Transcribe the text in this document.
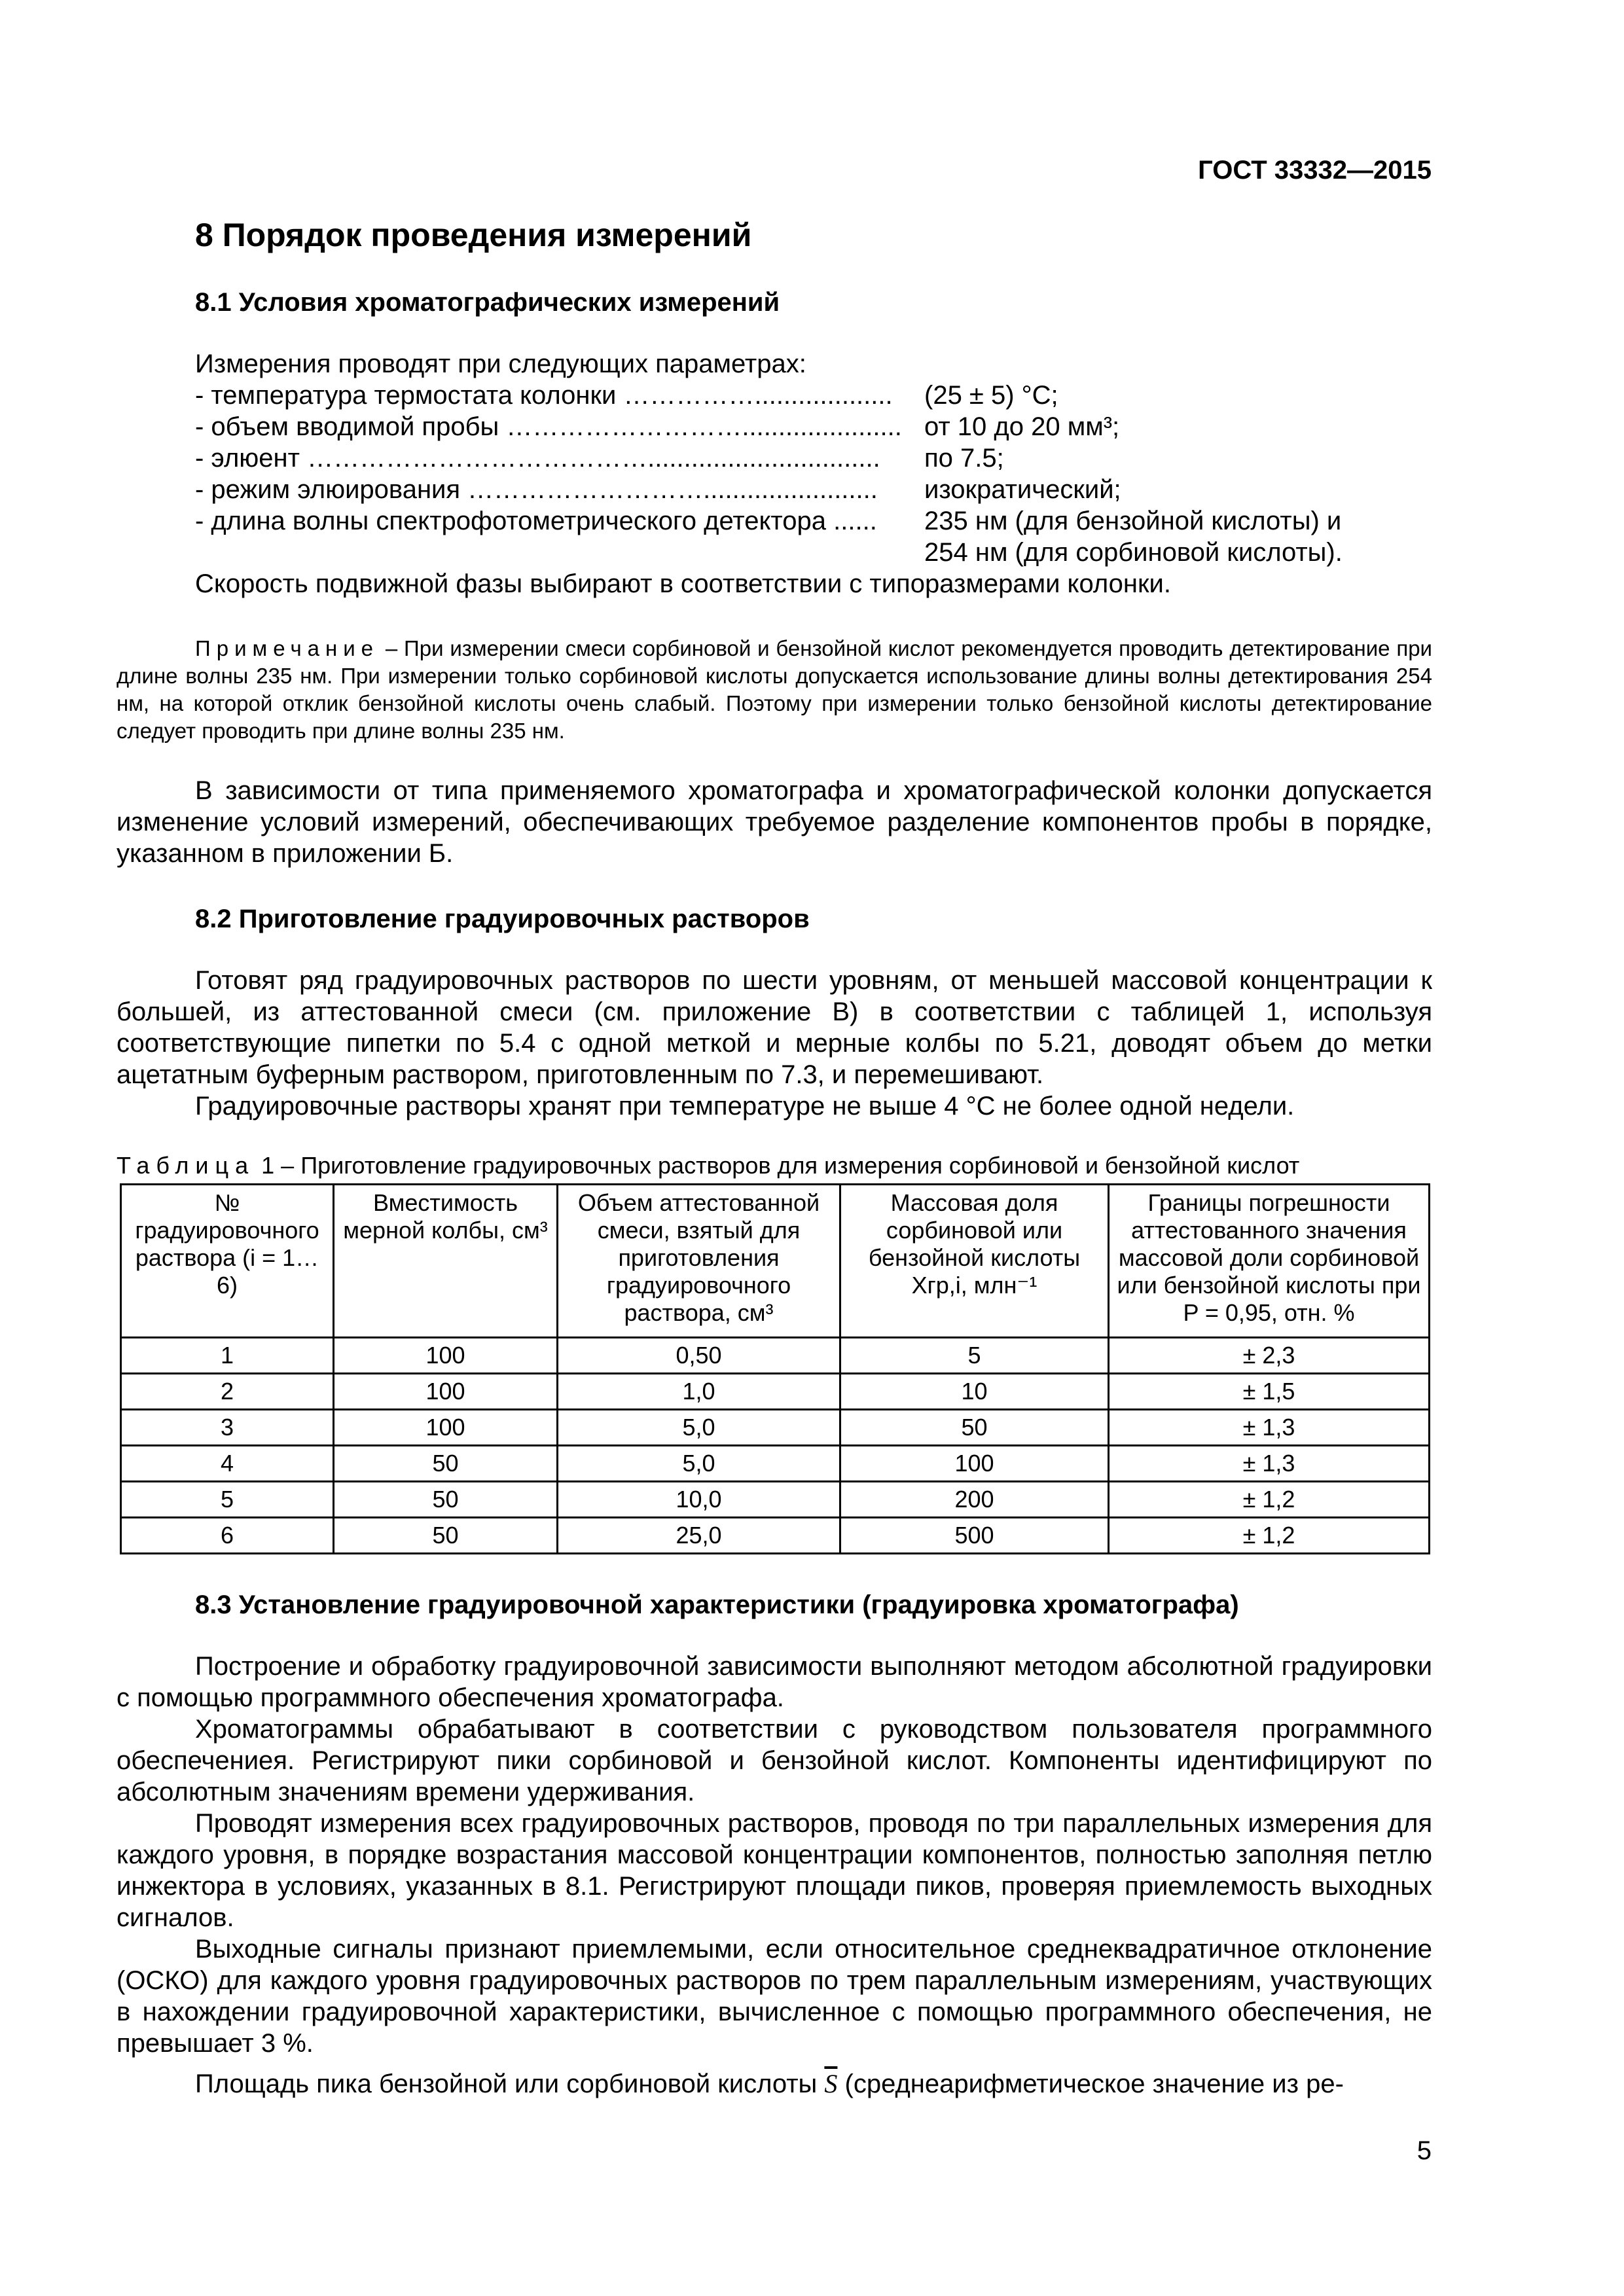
ГОСТ 33332—2015
8 Порядок проведения измерений
8.1 Условия хроматографических измерений
Измерения проводят при следующих параметрах:
- температура термостата колонки ……………................... (25 ± 5) °C;
- объем вводимой пробы ………………………...................... от 10 до 20 мм³;
- элюент …………………………………................................ по 7.5;
- режим элюирования ………………………........................ изократический;
- длина волны спектрофотометрического детектора ...... 235 нм (для бензойной кислоты) и
254 нм (для сорбиновой кислоты).
Скорость подвижной фазы выбирают в соответствии с типоразмерами колонки.
Примечание – При измерении смеси сорбиновой и бензойной кислот рекомендуется проводить детектирование при длине волны 235 нм. При измерении только сорбиновой кислоты допускается использование длины волны детектирования 254 нм, на которой отклик бензойной кислоты очень слабый. Поэтому при измерении только бензойной кислоты детектирование следует проводить при длине волны 235 нм.
В зависимости от типа применяемого хроматографа и хроматографической колонки допускается изменение условий измерений, обеспечивающих требуемое разделение компонентов пробы в порядке, указанном в приложении Б.
8.2 Приготовление градуировочных растворов
Готовят ряд градуировочных растворов по шести уровням, от меньшей массовой концентрации к большей, из аттестованной смеси (см. приложение В) в соответствии с таблицей 1, используя соответствующие пипетки по 5.4 с одной меткой и мерные колбы по 5.21, доводят объем до метки ацетатным буферным раствором, приготовленным по 7.3, и перемешивают.
Градуировочные растворы хранят при температуре не выше 4 °C не более одной недели.
Таблица 1 – Приготовление градуировочных растворов для измерения сорбиновой и бензойной кислот
№ градуировочного раствора (i = 1…6)	Вместимость мерной колбы, см³	Объем аттестованной смеси, взятый для приготовления градуировочного раствора, см³	Массовая доля сорбиновой или бензойной кислоты Xгр,i, млн⁻¹	Границы погрешности аттестованного значения массовой доли сорбиновой или бензойной кислоты при P = 0,95, отн. %
1	100	0,50	5	± 2,3
2	100	1,0	10	± 1,5
3	100	5,0	50	± 1,3
4	50	5,0	100	± 1,3
5	50	10,0	200	± 1,2
6	50	25,0	500	± 1,2
8.3 Установление градуировочной характеристики (градуировка хроматографа)
Построение и обработку градуировочной зависимости выполняют методом абсолютной градуировки с помощью программного обеспечения хроматографа.
Хроматограммы обрабатывают в соответствии с руководством пользователя программного обеспечениея. Регистрируют пики сорбиновой и бензойной кислот. Компоненты идентифицируют по абсолютным значениям времени удерживания.
Проводят измерения всех градуировочных растворов, проводя по три параллельных измерения для каждого уровня, в порядке возрастания массовой концентрации компонентов, полностью заполняя петлю инжектора в условиях, указанных в 8.1. Регистрируют площади пиков, проверяя приемлемость выходных сигналов.
Выходные сигналы признают приемлемыми, если относительное среднеквадратичное отклонение (ОСКО) для каждого уровня градуировочных растворов по трем параллельным измерениям, участвующих в нахождении градуировочной характеристики, вычисленное с помощью программного обеспечения, не превышает 3 %.
Площадь пика бензойной или сорбиновой кислоты $\overline{S}$ (среднеарифметическое значение из ре-
5
